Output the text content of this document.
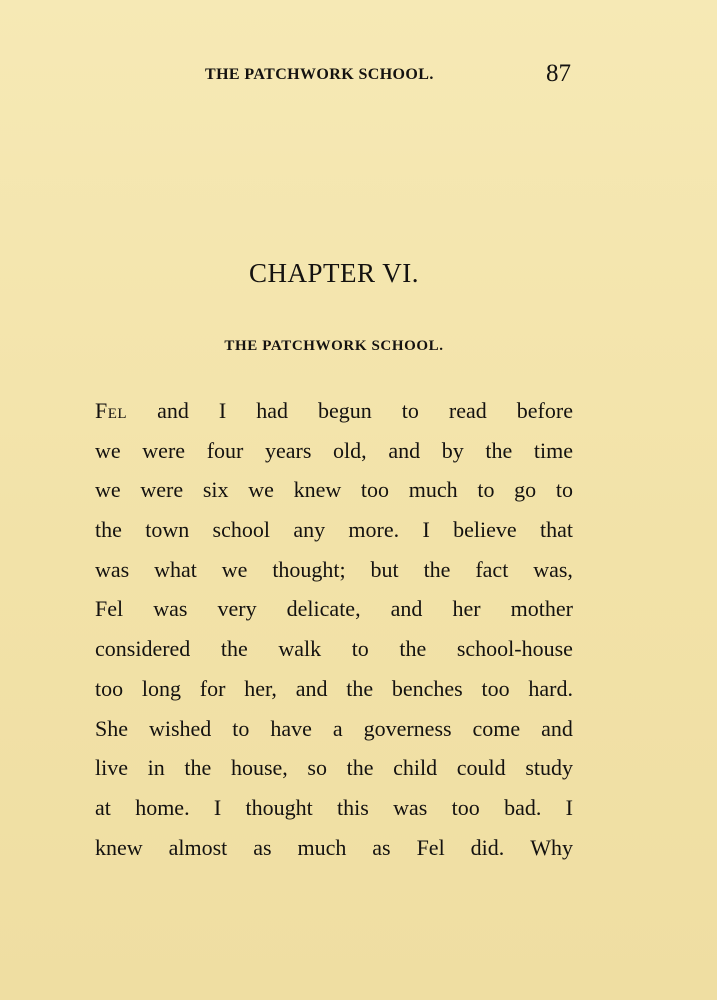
THE PATCHWORK SCHOOL.	87
CHAPTER VI.
THE PATCHWORK SCHOOL.
Fel and I had begun to read before
we were four years old, and by the time
we were six we knew too much to go to
the town school any more. I believe that
was what we thought; but the fact was,
Fel was very delicate, and her mother
considered the walk to the school-house
too long for her, and the benches too hard.
She wished to have a governess come and
live in the house, so the child could study
at home. I thought this was too bad. I
knew almost as much as Fel did. Why
